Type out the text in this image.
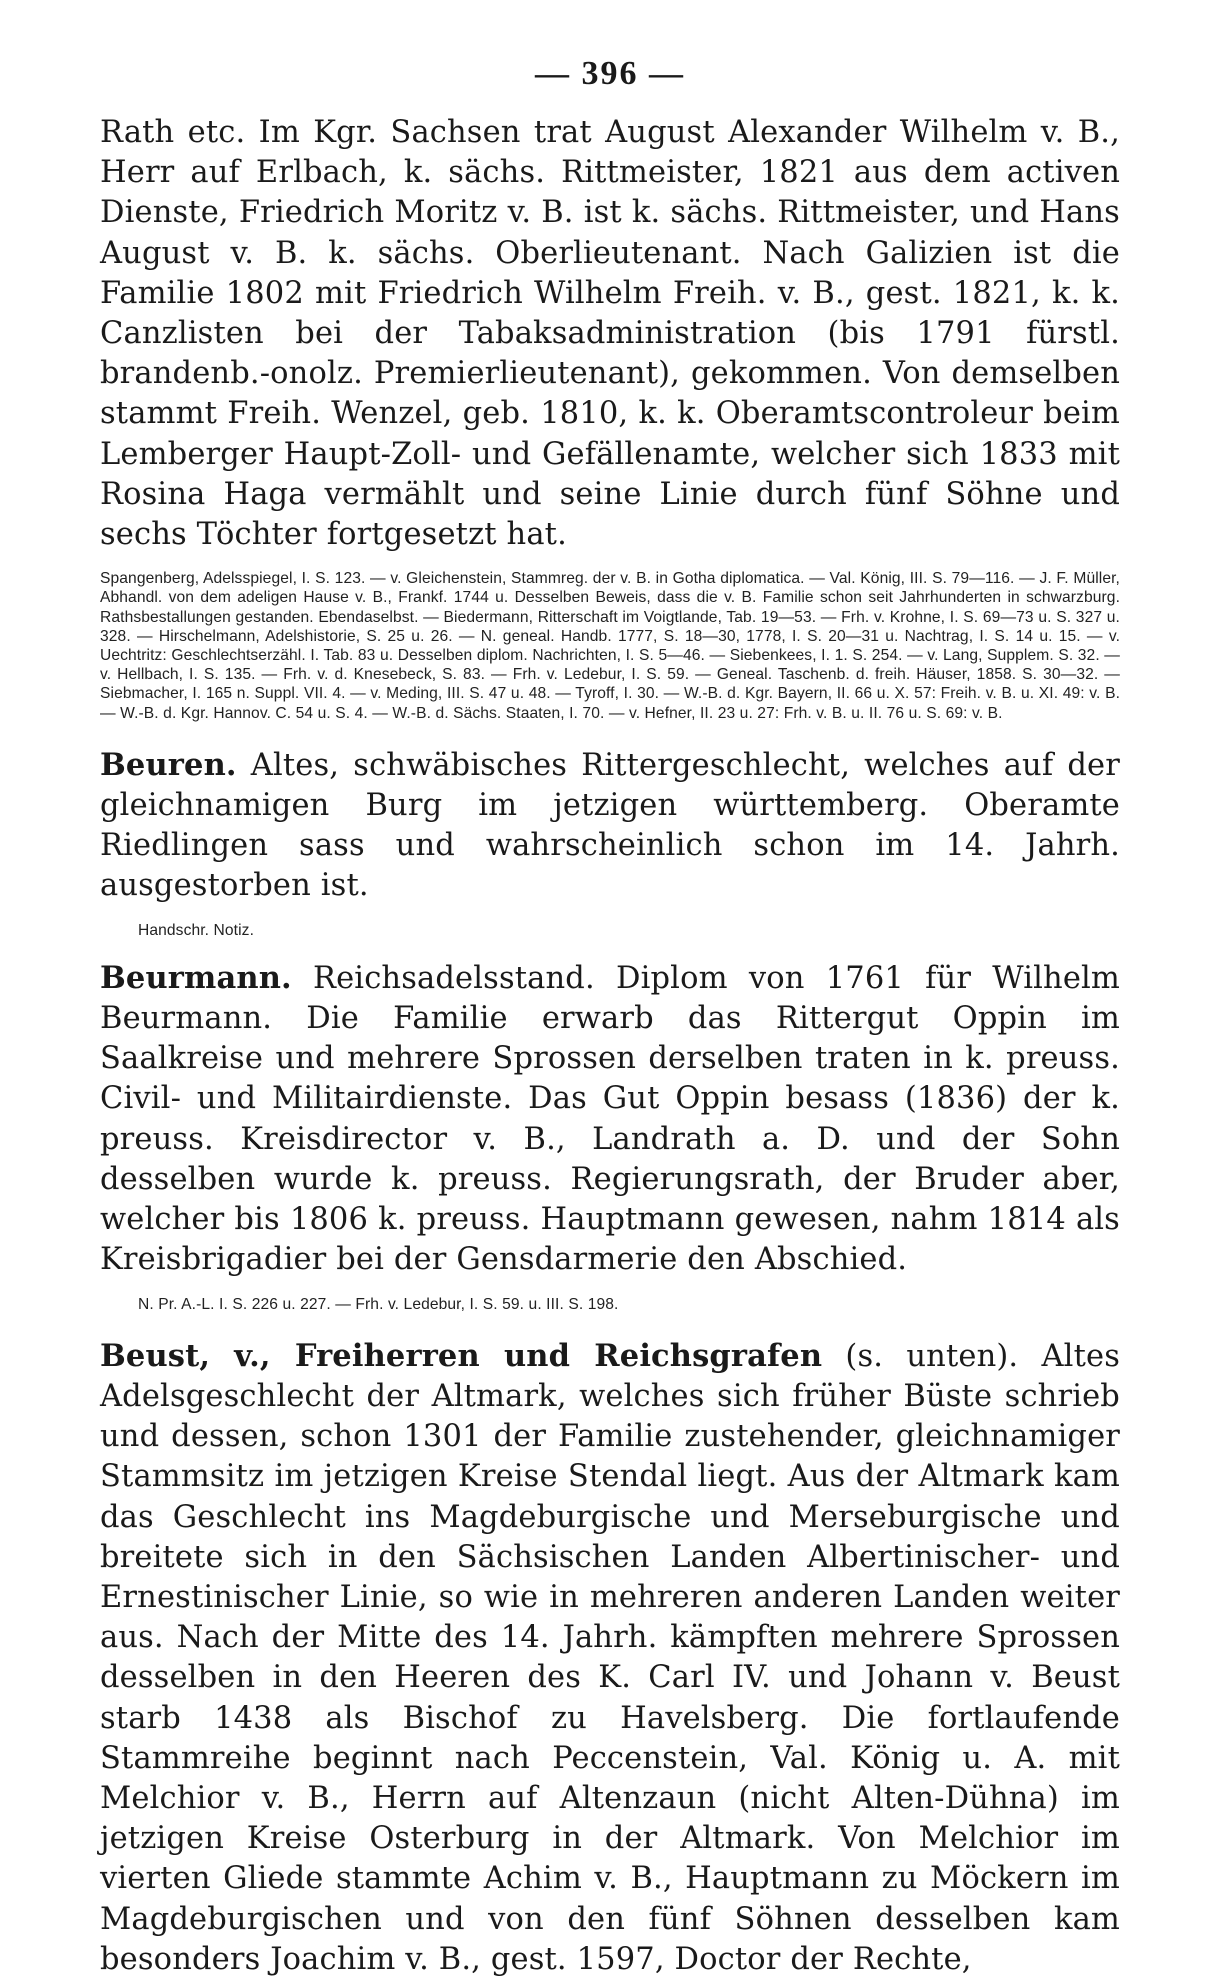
— 396 —

Rath etc. Im Kgr. Sachsen trat August Alexander Wilhelm v. B., Herr auf Erlbach, k. sächs. Rittmeister, 1821 aus dem activen Dienste, Friedrich Moritz v. B. ist k. sächs. Rittmeister, und Hans August v. B. k. sächs. Oberlieutenant. Nach Galizien ist die Familie 1802 mit Friedrich Wilhelm Freih. v. B., gest. 1821, k. k. Canzlisten bei der Tabaksadministration (bis 1791 fürstl. brandenb.-onolz. Premierlieutenant), gekommen. Von demselben stammt Freih. Wenzel, geb. 1810, k. k. Oberamtscontroleur beim Lemberger Haupt-Zoll- und Gefällenamte, welcher sich 1833 mit Rosina Haga vermählt und seine Linie durch fünf Söhne und sechs Töchter fortgesetzt hat.

Spangenberg, Adelsspiegel, I. S. 123. — v. Gleichenstein, Stammreg. der v. B. in Gotha diplomatica. — Val. König, III. S. 79—116. — J. F. Müller, Abhandl. von dem adeligen Hause v. B., Frankf. 1744 u. Desselben Beweis, dass die v. B. Familie schon seit Jahrhunderten in schwarzburg. Rathsbestallungen gestanden. Ebendaselbst. — Biedermann, Ritterschaft im Voigtlande, Tab. 19—53. — Frh. v. Krohne, I. S. 69—73 u. S. 327 u. 328. — Hirschelmann, Adelshistorie, S. 25 u. 26. — N. geneal. Handb. 1777, S. 18—30, 1778, I. S. 20—31 u. Nachtrag, I. S. 14 u. 15. — v. Uechtritz: Geschlechtserzähl. I. Tab. 83 u. Desselben diplom. Nachrichten, I. S. 5—46. — Siebenkees, I. 1. S. 254. — v. Lang, Supplem. S. 32. — v. Hellbach, I. S. 135. — Frh. v. d. Knesebeck, S. 83. — Frh. v. Ledebur, I. S. 59. — Geneal. Taschenb. d. freih. Häuser, 1858. S. 30—32. — Siebmacher, I. 165 n. Suppl. VII. 4. — v. Meding, III. S. 47 u. 48. — Tyroff, I. 30. — W.-B. d. Kgr. Bayern, II. 66 u. X. 57: Freih. v. B. u. XI. 49: v. B. — W.-B. d. Kgr. Hannov. C. 54 u. S. 4. — W.-B. d. Sächs. Staaten, I. 70. — v. Hefner, II. 23 u. 27: Frh. v. B. u. II. 76 u. S. 69: v. B.

Beuren. Altes, schwäbisches Rittergeschlecht, welches auf der gleichnamigen Burg im jetzigen württemberg. Oberamte Riedlingen sass und wahrscheinlich schon im 14. Jahrh. ausgestorben ist.

Handschr. Notiz.

Beurmann. Reichsadelsstand. Diplom von 1761 für Wilhelm Beurmann. Die Familie erwarb das Rittergut Oppin im Saalkreise und mehrere Sprossen derselben traten in k. preuss. Civil- und Militairdienste. Das Gut Oppin besass (1836) der k. preuss. Kreisdirector v. B., Landrath a. D. und der Sohn desselben wurde k. preuss. Regierungsrath, der Bruder aber, welcher bis 1806 k. preuss. Hauptmann gewesen, nahm 1814 als Kreisbrigadier bei der Gensdarmerie den Abschied.

N. Pr. A.-L. I. S. 226 u. 227. — Frh. v. Ledebur, I. S. 59. u. III. S. 198.

Beust, v., Freiherren und Reichsgrafen (s. unten). Altes Adelsgeschlecht der Altmark, welches sich früher Büste schrieb und dessen, schon 1301 der Familie zustehender, gleichnamiger Stammsitz im jetzigen Kreise Stendal liegt. Aus der Altmark kam das Geschlecht ins Magdeburgische und Merseburgische und breitete sich in den Sächsischen Landen Albertinischer- und Ernestinischer Linie, so wie in mehreren anderen Landen weiter aus. Nach der Mitte des 14. Jahrh. kämpften mehrere Sprossen desselben in den Heeren des K. Carl IV. und Johann v. Beust starb 1438 als Bischof zu Havelsberg. Die fortlaufende Stammreihe beginnt nach Peccenstein, Val. König u. A. mit Melchior v. B., Herrn auf Altenzaun (nicht Alten-Dühna) im jetzigen Kreise Osterburg in der Altmark. Von Melchior im vierten Gliede stammte Achim v. B., Hauptmann zu Möckern im Magdeburgischen und von den fünf Söhnen desselben kam besonders Joachim v. B., gest. 1597, Doctor der Rechte,
